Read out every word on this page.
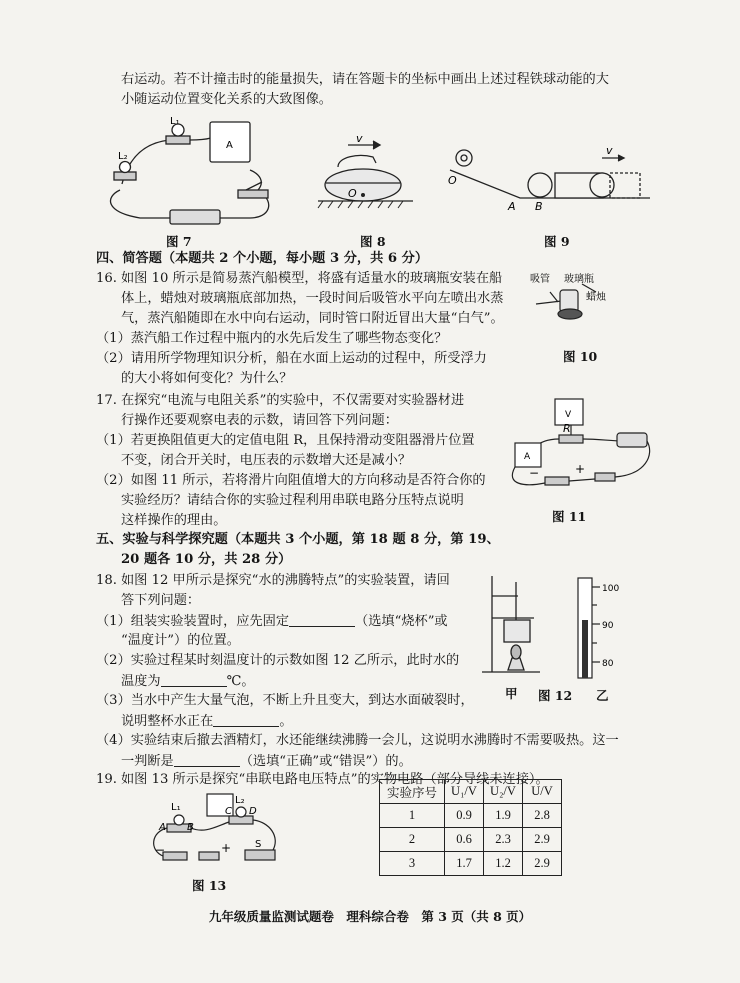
右运动。若不计撞击时的能量损失，请在答题卡的坐标中画出上述过程铁球动能的大
小随运动位置变化关系的大致图像。
L₁
L₂
A
图 7
v
O
图 8
O
A B
v
图 9
四、简答题（本题共 2 个小题，每小题 3 分，共 6 分）
16. 如图 10 所示是简易蒸汽船模型，将盛有适量水的玻璃瓶安装在船
体上，蜡烛对玻璃瓶底部加热，一段时间后吸管水平向左喷出水蒸
气，蒸汽船随即在水中向右运动，同时管口附近冒出大量“白气”。
（1）蒸汽船工作过程中瓶内的水先后发生了哪些物态变化？
（2）请用所学物理知识分析，船在水面上运动的过程中，所受浮力
的大小将如何变化？为什么？
吸管 玻璃瓶
蜡烛
图 10
17. 在探究“电流与电阻关系”的实验中，不仅需要对实验器材进
行操作还要观察电表的示数，请回答下列问题：
（1）若更换阻值更大的定值电阻 R，且保持滑动变阻器滑片位置
不变，闭合开关时，电压表的示数增大还是减小？
（2）如图 11 所示，若将滑片向阻值增大的方向移动是否符合你的
实验经历？请结合你的实验过程利用串联电路分压特点说明
这样操作的理由。
R
V
A
−	+
图 11
五、实验与科学探究题（本题共 3 个小题，第 18 题 8 分，第 19、
20 题各 10 分，共 28 分）
18. 如图 12 甲所示是探究“水的沸腾特点”的实验装置，请回
答下列问题：
（1）组装实验装置时，应先固定	（选填“烧杯”或
“温度计”）的位置。
（2）实验过程某时刻温度计的示数如图 12 乙所示，此时水的
温度为	℃。
（3）当水中产生大量气泡，不断上升且变大，到达水面破裂时，
说明整杯水正在	。
（4）实验结束后撤去酒精灯，水还能继续沸腾一会儿，这说明水沸腾时不需要吸热。这一
一判断是	（选填“正确”或“错误”）的。
100
90
80
甲 图 12 乙
19. 如图 13 所示是探究“串联电路电压特点”的实物电路（部分导线未连接）。
L₁
L₂
A B
C D
S
−	+
图 13
实验序号	U₁/V	U₂/V	U/V
1	0.9	1.9	2.8
2	0.6	2.3	2.9
3	1.7	1.2	2.9
九年级质量监测试题卷　理科综合卷　第 3 页（共 8 页）
